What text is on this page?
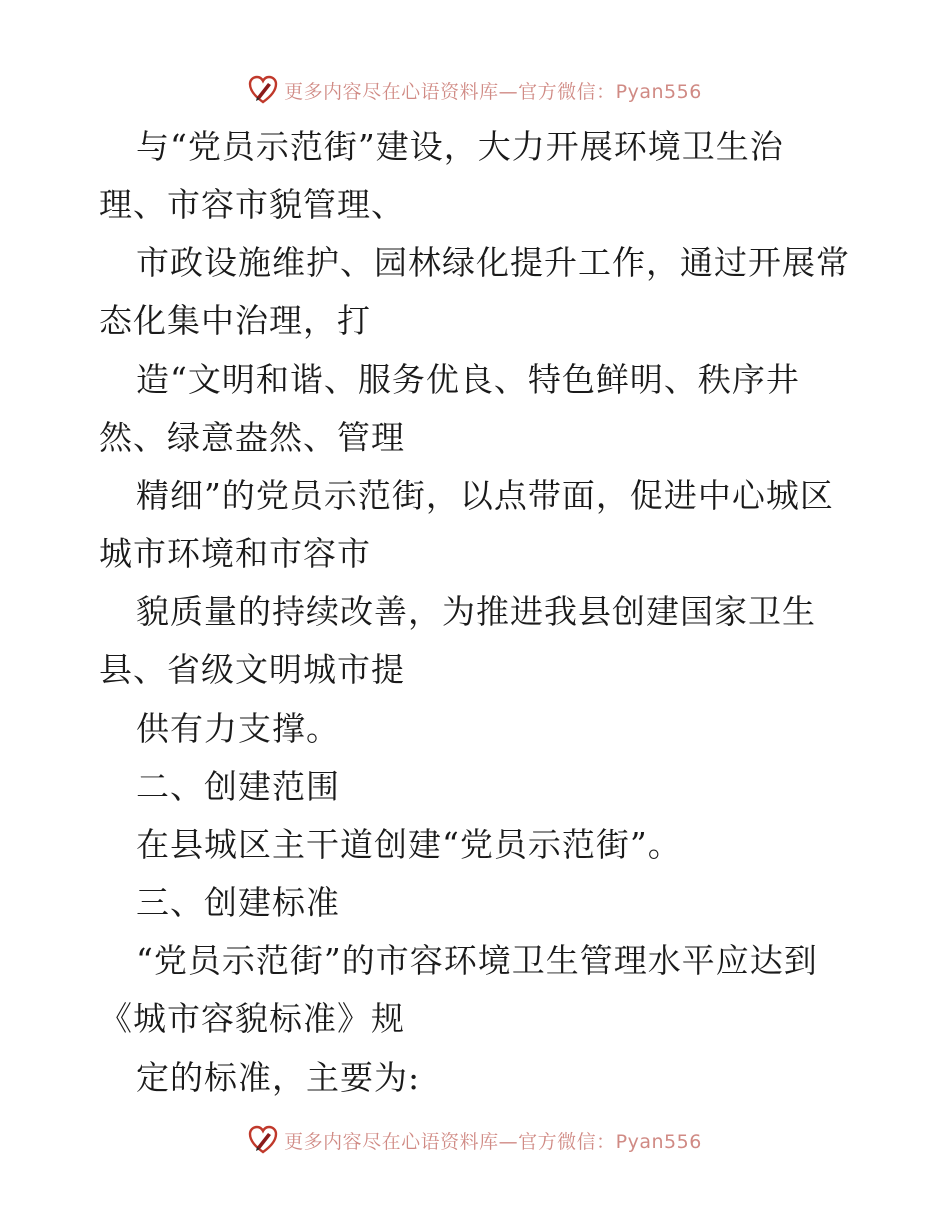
更多内容尽在心语资料库—官方微信：Pyan556
与“党员示范街”建设，大力开展环境卫生治
理、市容市貌管理、
市政设施维护、园林绿化提升工作，通过开展常
态化集中治理，打
造“文明和谐、服务优良、特色鲜明、秩序井
然、绿意盎然、管理
精细”的党员示范街，以点带面，促进中心城区
城市环境和市容市
貌质量的持续改善，为推进我县创建国家卫生
县、省级文明城市提
供有力支撑。
二、创建范围
在县城区主干道创建“党员示范街”。
三、创建标准
“党员示范街”的市容环境卫生管理水平应达到
《城市容貌标准》规
定的标准，主要为:
更多内容尽在心语资料库—官方微信：Pyan556
